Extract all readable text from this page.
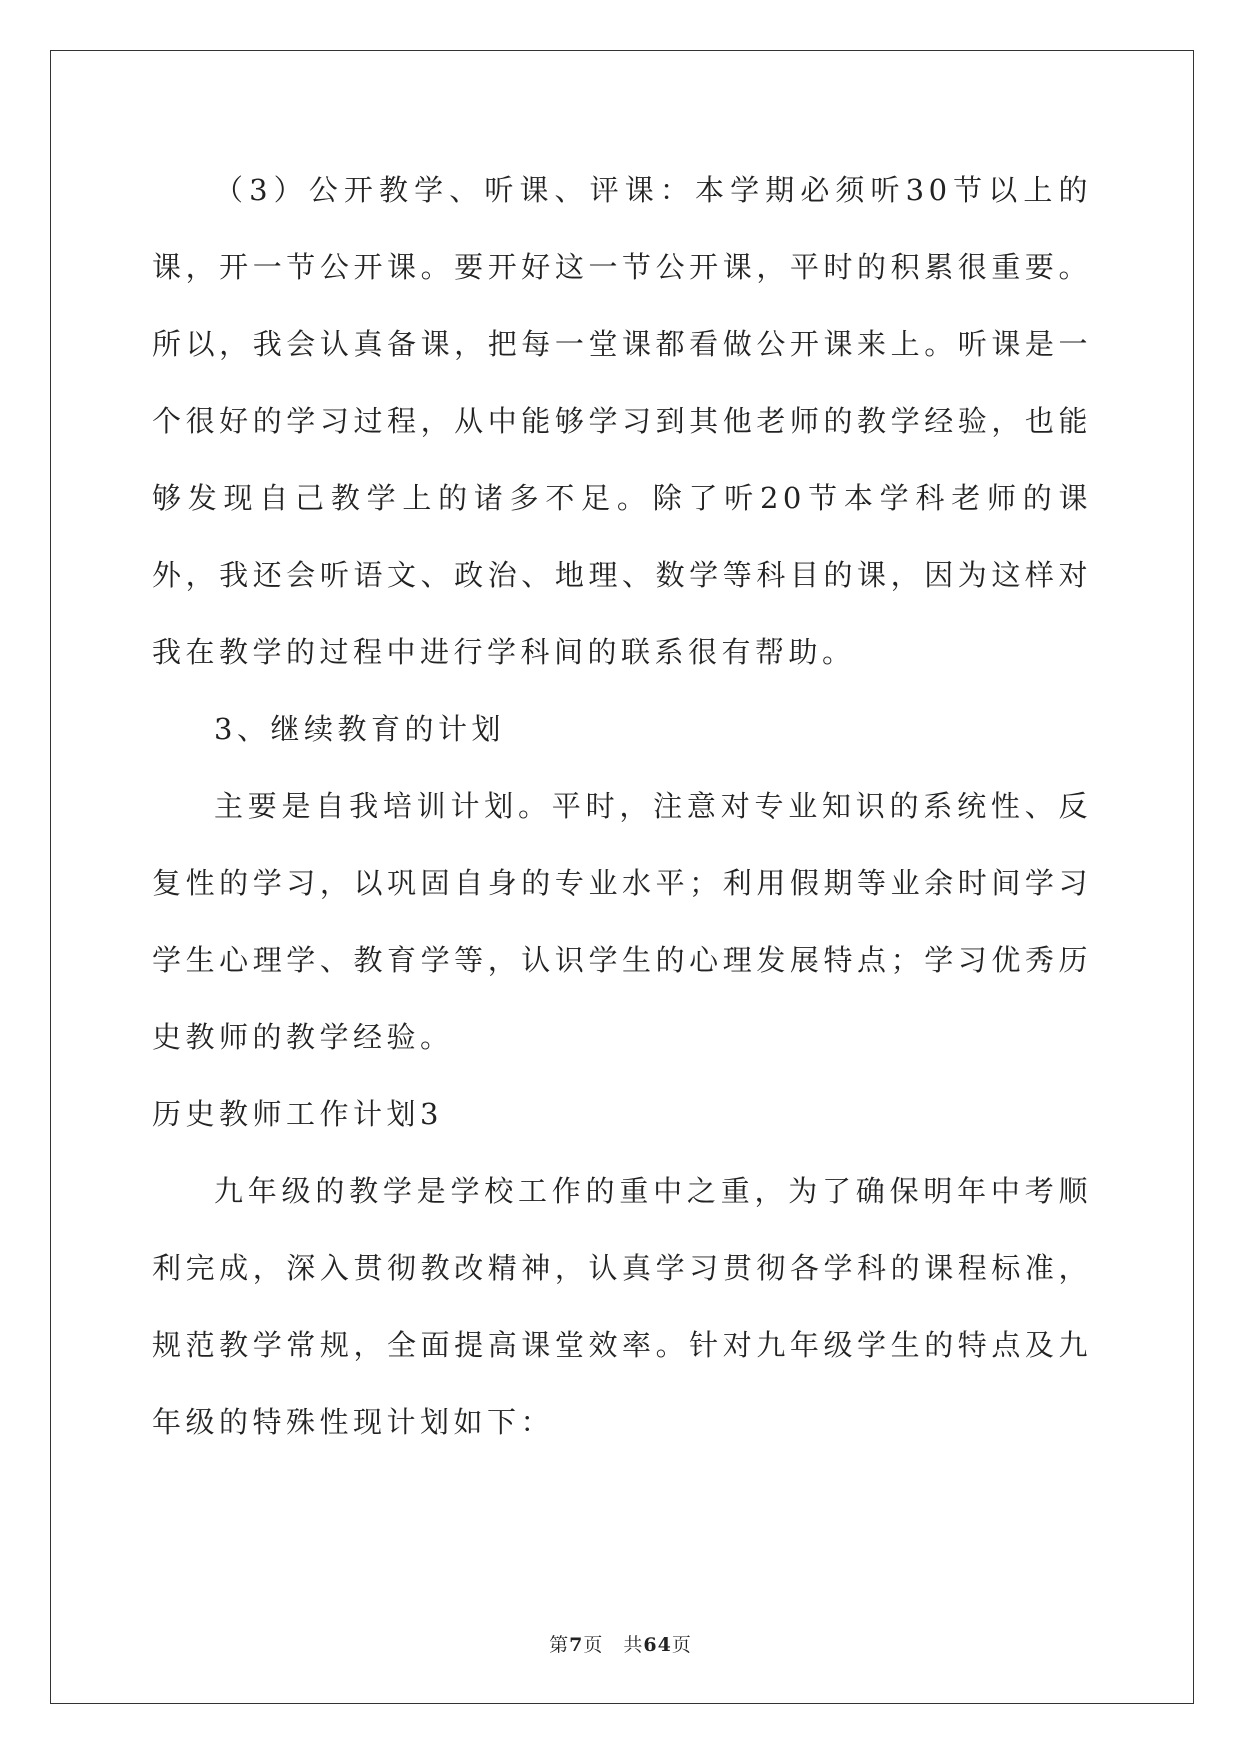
（3）公开教学、听课、评课：本学期必须听30节以上的课，开一节公开课。要开好这一节公开课，平时的积累很重要。所以，我会认真备课，把每一堂课都看做公开课来上。听课是一个很好的学习过程，从中能够学习到其他老师的教学经验，也能够发现自己教学上的诸多不足。除了听20节本学科老师的课外，我还会听语文、政治、地理、数学等科目的课，因为这样对我在教学的过程中进行学科间的联系很有帮助。

3、继续教育的计划

主要是自我培训计划。平时，注意对专业知识的系统性、反复性的学习，以巩固自身的专业水平；利用假期等业余时间学习学生心理学、教育学等，认识学生的心理发展特点；学习优秀历史教师的教学经验。

历史教师工作计划3

九年级的教学是学校工作的重中之重，为了确保明年中考顺利完成，深入贯彻教改精神，认真学习贯彻各学科的课程标准，规范教学常规，全面提高课堂效率。针对九年级学生的特点及九年级的特殊性现计划如下：

第7页　共64页
